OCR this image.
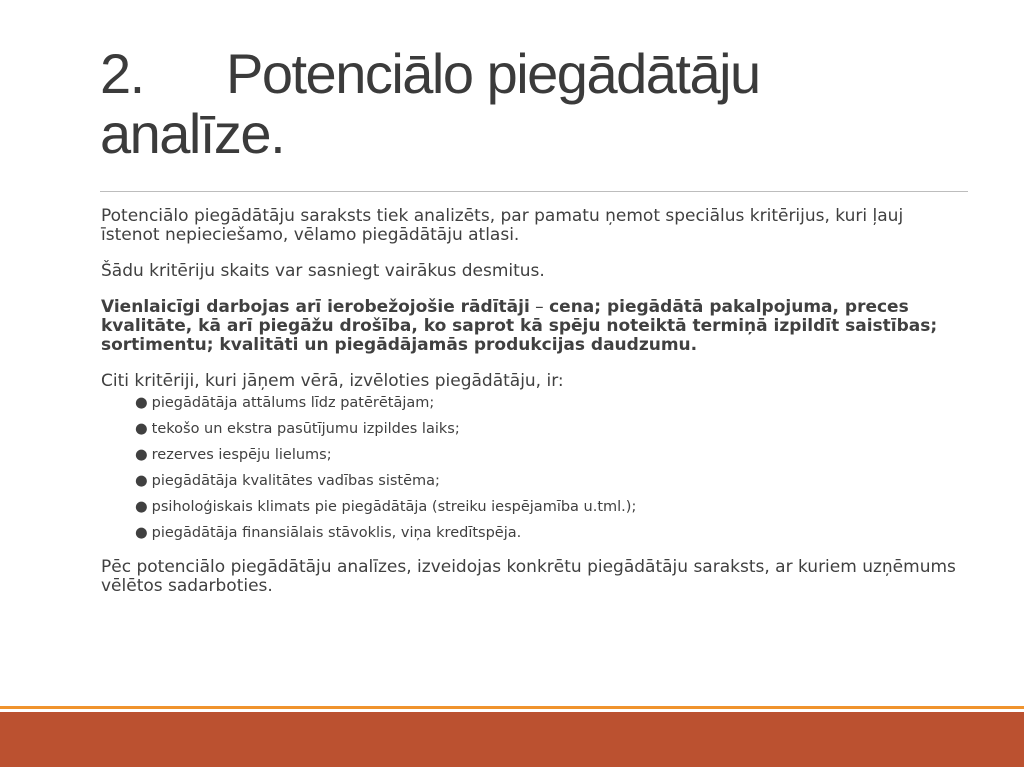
2. Potenciālo piegādātāju
analīze.

Potenciālo piegādātāju saraksts tiek analizēts, par pamatu ņemot speciālus kritērijus, kuri ļauj īstenot nepieciešamo, vēlamo piegādātāju atlasi.

Šādu kritēriju skaits var sasniegt vairākus desmitus.

Vienlaicīgi darbojas arī ierobežojošie rādītāji – cena; piegādātā pakalpojuma, preces kvalitāte, kā arī piegāžu drošība, ko saprot kā spēju noteiktā termiņā izpildīt saistības; sortimentu; kvalitāti un piegādājamās produkcijas daudzumu.

Citi kritēriji, kuri jāņem vērā, izvēloties piegādātāju, ir:

● piegādātāja attālums līdz patērētājam;
● tekošo un ekstra pasūtījumu izpildes laiks;
● rezerves iespēju lielums;
● piegādātāja kvalitātes vadības sistēma;
● psiholoģiskais klimats pie piegādātāja (streiku iespējamība u.tml.);
● piegādātāja finansiālais stāvoklis, viņa kredītspēja.

Pēc potenciālo piegādātāju analīzes, izveidojas konkrētu piegādātāju saraksts, ar kuriem uzņēmums vēlētos sadarboties.
